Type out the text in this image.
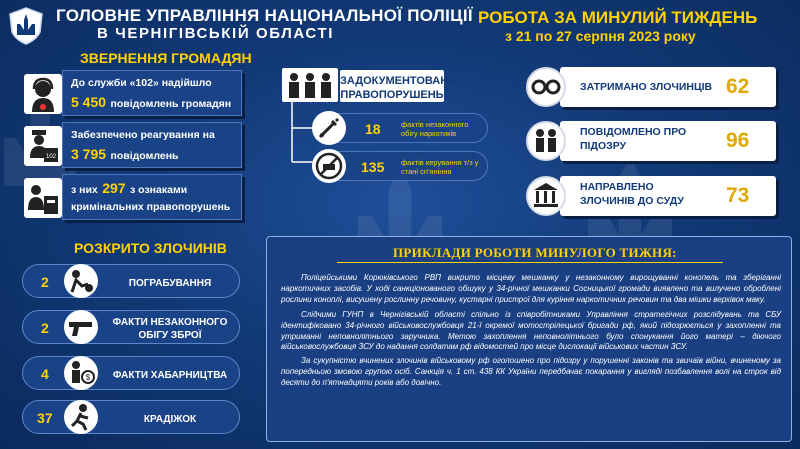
ГОЛОВНЕ УПРАВЛІННЯ НАЦІОНАЛЬНОЇ ПОЛІЦІЇ
В ЧЕРНІГІВСЬКІЙ ОБЛАСТІ
РОБОТА ЗА МИНУЛИЙ ТИЖДЕНЬ
з 21 по 27 серпня 2023 року
ЗВЕРНЕННЯ ГРОМАДЯН
До служби «102» надійшло
5 450 повідомлень громадян
Забезпечено реагування на
3 795 повідомлень
102
з них 297 з ознаками
кримінальних правопорушень
ЗАДОКУМЕНТОВАНО ПРАВОПОРУШЕНЬ
18	фактів незаконного обігу наркотиків
135 фактів керування т/з у стані сп'яніння
ЗАТРИМАНО ЗЛОЧИНЦІВ 62
ПОВІДОМЛЕНО ПРО ПІДОЗРУ	96
НАПРАВЛЕНО ЗЛОЧИНІВ ДО СУДУ	73
РОЗКРИТО ЗЛОЧИНІВ
2	ПОГРАБУВАННЯ
2	ФАКТИ НЕЗАКОННОГО ОБІГУ ЗБРОЇ
4	ФАКТИ ХАБАРНИЦТВА
$
37	КРАДІЖОК
ПРИКЛАДИ РОБОТИ МИНУЛОГО ТИЖНЯ:

Поліцейськими Корюківського РВП викрито місцеву мешканку у незаконному вирощуванні конопель та зберіганні наркотичних засобів. У ході санкціонованого обшуку у 34-річної мешканки Сосницької громади виявлено та вилучено оброблені рослини коноплі, висушену рослинну речовину, кустарні пристрої для куріння наркотичних речовин та два мішки верхівок маку.

Слідчими ГУНП в Чернігівській області спільно із співробітниками Управління стратегічних розслідувань та СБУ ідентифіковано 34-річного військовослужбовця 21-ї окремої мотострілецької бригади рф, який підозрюється у захопленні та утриманні неповнолітнього заручника. Метою захоплення неповнолітнього було спонукання його матері – діючого військовослужбовця ЗСУ до надання солдатам рф відомостей про місце дислокації військових частин ЗСУ.

За сукупністю вчинених злочинів військовому рф оголошено про підозру у порушенні законів та звичаїв війни, вчиненому за попередньою змовою групою осіб. Санкція ч. 1 ст. 438 КК України передбачає покарання у вигляді позбавлення волі на строк від десяти до п'ятнадцяти років або довічно.
